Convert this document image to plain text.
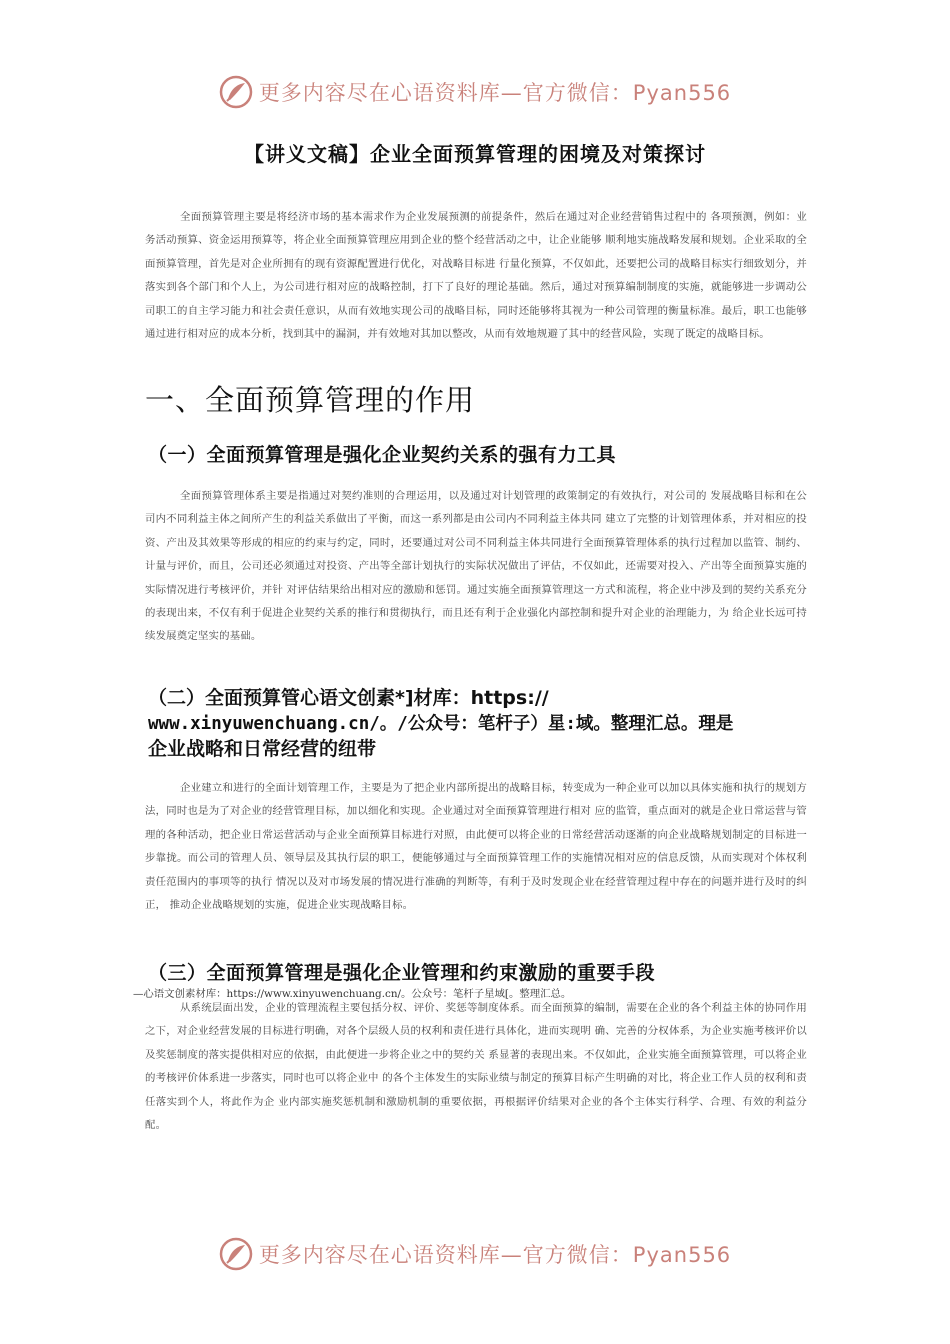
更多内容尽在心语资料库—官方微信：Pyan556
【讲义文稿】企业全面预算管理的困境及对策探讨

全面预算管理主要是将经济市场的基本需求作为企业发展预测的前提条件，然后在通过对企业经营销售过程中的 各项预测，例如：业务活动预算、资金运用预算等，将企业全面预算管理应用到企业的整个经营活动之中，让企业能够 顺利地实施战略发展和规划。企业采取的全面预算管理，首先是对企业所拥有的现有资源配置进行优化，对战略目标进 行量化预算，不仅如此，还要把公司的战略目标实行细致划分，并落实到各个部门和个人上，为公司进行相对应的战略控制，打下了良好的理论基础。然后，通过对预算编制制度的实施，就能够进一步调动公司职工的自主学习能力和社会责任意识，从而有效地实现公司的战略目标，同时还能够将其视为一种公司管理的衡量标准。最后，职工也能够通过进行相对应的成本分析，找到其中的漏洞，并有效地对其加以整改，从而有效地规避了其中的经营风险，实现了既定的战略目标。

一、全面预算管理的作用
（一）全面预算管理是强化企业契约关系的强有力工具

全面预算管理体系主要是指通过对契约准则的合理运用，以及通过对计划管理的政策制定的有效执行，对公司的 发展战略目标和在公司内不同利益主体之间所产生的利益关系做出了平衡，而这一系列都是由公司内不同利益主体共同 建立了完整的计划管理体系，并对相应的投资、产出及其效果等形成的相应的约束与约定，同时，还要通过对公司不同利益主体共同进行全面预算管理体系的执行过程加以监管、制约、计量与评价，而且，公司还必须通过对投资、产出等全部计划执行的实际状况做出了评估，不仅如此，还需要对投入、产出等全面预算实施的实际情况进行考核评价，并针 对评估结果给出相对应的激励和惩罚。通过实施全面预算管理这一方式和流程，将企业中涉及到的契约关系充分的表现出来，不仅有利于促进企业契约关系的推行和贯彻执行，而且还有利于企业强化内部控制和提升对企业的治理能力，为 给企业长远可持续发展奠定坚实的基础。

（二）全面预算管心语文创素*]材库：https://
www.xinyuwenchuang.cn/。/公众号：笔杆子）星:域。整理汇总。理是
企业战略和日常经营的纽带

企业建立和进行的全面计划管理工作，主要是为了把企业内部所提出的战略目标，转变成为一种企业可以加以具体实施和执行的规划方法，同时也是为了对企业的经营管理目标，加以细化和实现。企业通过对全面预算管理进行相对 应的监管，重点面对的就是企业日常运营与管理的各种活动，把企业日常运营活动与企业全面预算目标进行对照，由此便可以将企业的日常经营活动逐渐的向企业战略规划制定的目标进一步靠拢。而公司的管理人员、领导层及其执行层的职工，便能够通过与全面预算管理工作的实施情况相对应的信息反馈，从而实现对个体权利责任范围内的事项等的执行 情况以及对市场发展的情况进行准确的判断等，有利于及时发现企业在经营管理过程中存在的问题并进行及时的纠正， 推动企业战略规划的实施，促进企业实现战略目标。

（三）全面预算管理是强化企业管理和约束激励的重要手段

—心语文创素材库：https://www.xinyuwenchuang.cn/。公众号：笔杆子星域[。整理汇总。

从系统层面出发，企业的管理流程主要包括分权、评价、奖惩等制度体系。而全面预算的编制，需要在企业的各个利益主体的协同作用之下，对企业经营发展的目标进行明确，对各个层级人员的权利和责任进行具体化，进而实现明 确、完善的分权体系，为企业实施考核评价以及奖惩制度的落实提供相对应的依据，由此便进一步将企业之中的契约关 系显著的表现出来。不仅如此，企业实施全面预算管理，可以将企业的考核评价体系进一步落实，同时也可以将企业中 的各个主体发生的实际业绩与制定的预算目标产生明确的对比，将企业工作人员的权利和责任落实到个人，将此作为企 业内部实施奖惩机制和激励机制的重要依据，再根据评价结果对企业的各个主体实行科学、合理、有效的利益分配。

更多内容尽在心语资料库—官方微信：Pyan556
